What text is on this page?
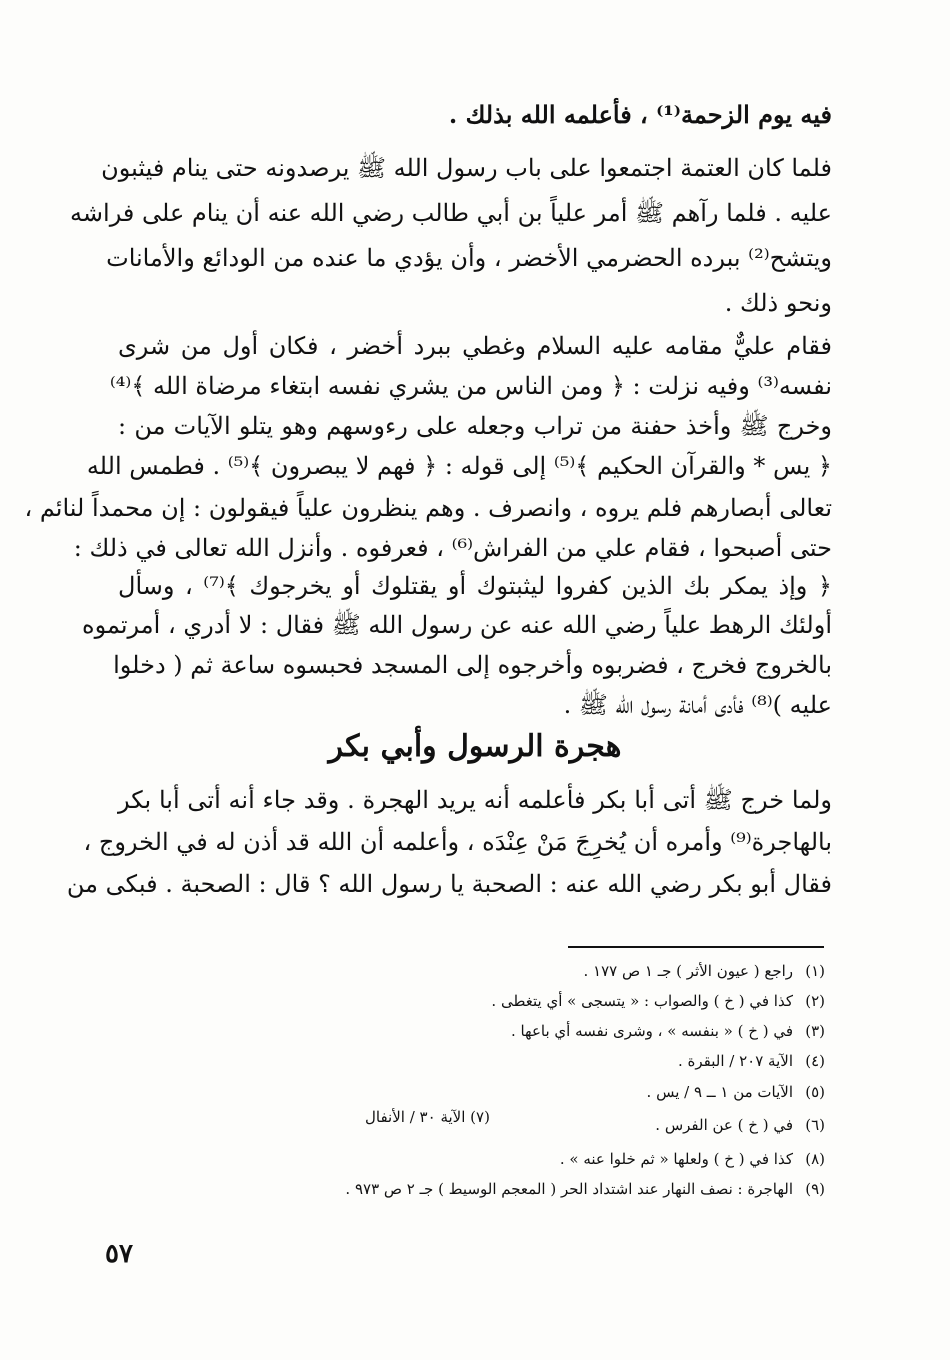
فيه يوم الزحمة⁽¹⁾ ، فأعلمه الله بذلك .
فلما كان العتمة اجتمعوا على باب رسول الله ﷺ يرصدونه حتى ينام فيثبون
عليه . فلما رآهم ﷺ أمر علياً بن أبي طالب رضي الله عنه أن ينام على فراشه
ويتشح⁽²⁾ ببرده الحضرمي الأخضر ، وأن يؤدي ما عنده من الودائع والأمانات
ونحو ذلك .
فقام عليٌّ مقامه عليه السلام وغطي ببرد أخضر ، فكان أول من شرى
نفسه⁽³⁾ وفيه نزلت : ﴿ ومن الناس من يشري نفسه ابتغاء مرضاة الله ﴾⁽⁴⁾
وخرج ﷺ وأخذ حفنة من تراب وجعله على رءوسهم وهو يتلو الآيات من :
﴿ يس * والقرآن الحكيم ﴾⁽⁵⁾ إلى قوله : ﴿ فهم لا يبصرون ﴾⁽⁵⁾ . فطمس الله
تعالى أبصارهم فلم يروه ، وانصرف . وهم ينظرون علياً فيقولون : إن محمداً لنائم ،
حتى أصبحوا ، فقام علي من الفراش⁽⁶⁾ ، فعرفوه . وأنزل الله تعالى في ذلك :
﴿ وإذ يمكر بك الذين كفروا ليثبتوك أو يقتلوك أو يخرجوك ﴾⁽⁷⁾ ، وسأل
أولئك الرهط علياً رضي الله عنه عن رسول الله ﷺ فقال : لا أدري ، أمرتموه
بالخروج فخرج ، فضربوه وأخرجوه إلى المسجد فحبسوه ساعة ثم ( دخلوا
عليه )⁽⁸⁾ فأدى أمانة رسول الله ﷺ .
هجرة الرسول وأبي بكر
ولما خرج ﷺ أتى أبا بكر فأعلمه أنه يريد الهجرة . وقد جاء أنه أتى أبا بكر
بالهاجرة⁽⁹⁾ وأمره أن يُخرِجَ مَنْ عِنْدَه ، وأعلمه أن الله قد أذن له في الخروج ،
فقال أبو بكر رضي الله عنه : الصحبة يا رسول الله ؟ قال : الصحبة . فبكى من
(١)راجع ( عيون الأثر ) جـ ١ ص ١٧٧ .
(٢)كذا في ( خ ) والصواب : « يتسجى » أي يتغطى .
(٣)في ( خ ) « بنفسه » ، وشرى نفسه أي باعها .
(٤)الآية ٢٠٧ / البقرة .
(٥)الآيات من ١ ــ ٩ / يس .
(٦)في ( خ ) عن الفرس .
(٧) الآية ٣٠ / الأنفال
(٨)كذا في ( خ ) ولعلها « ثم خلوا عنه » .
(٩)الهاجرة : نصف النهار عند اشتداد الحر ( المعجم الوسيط ) جـ ٢ ص ٩٧٣ .
٥٧
